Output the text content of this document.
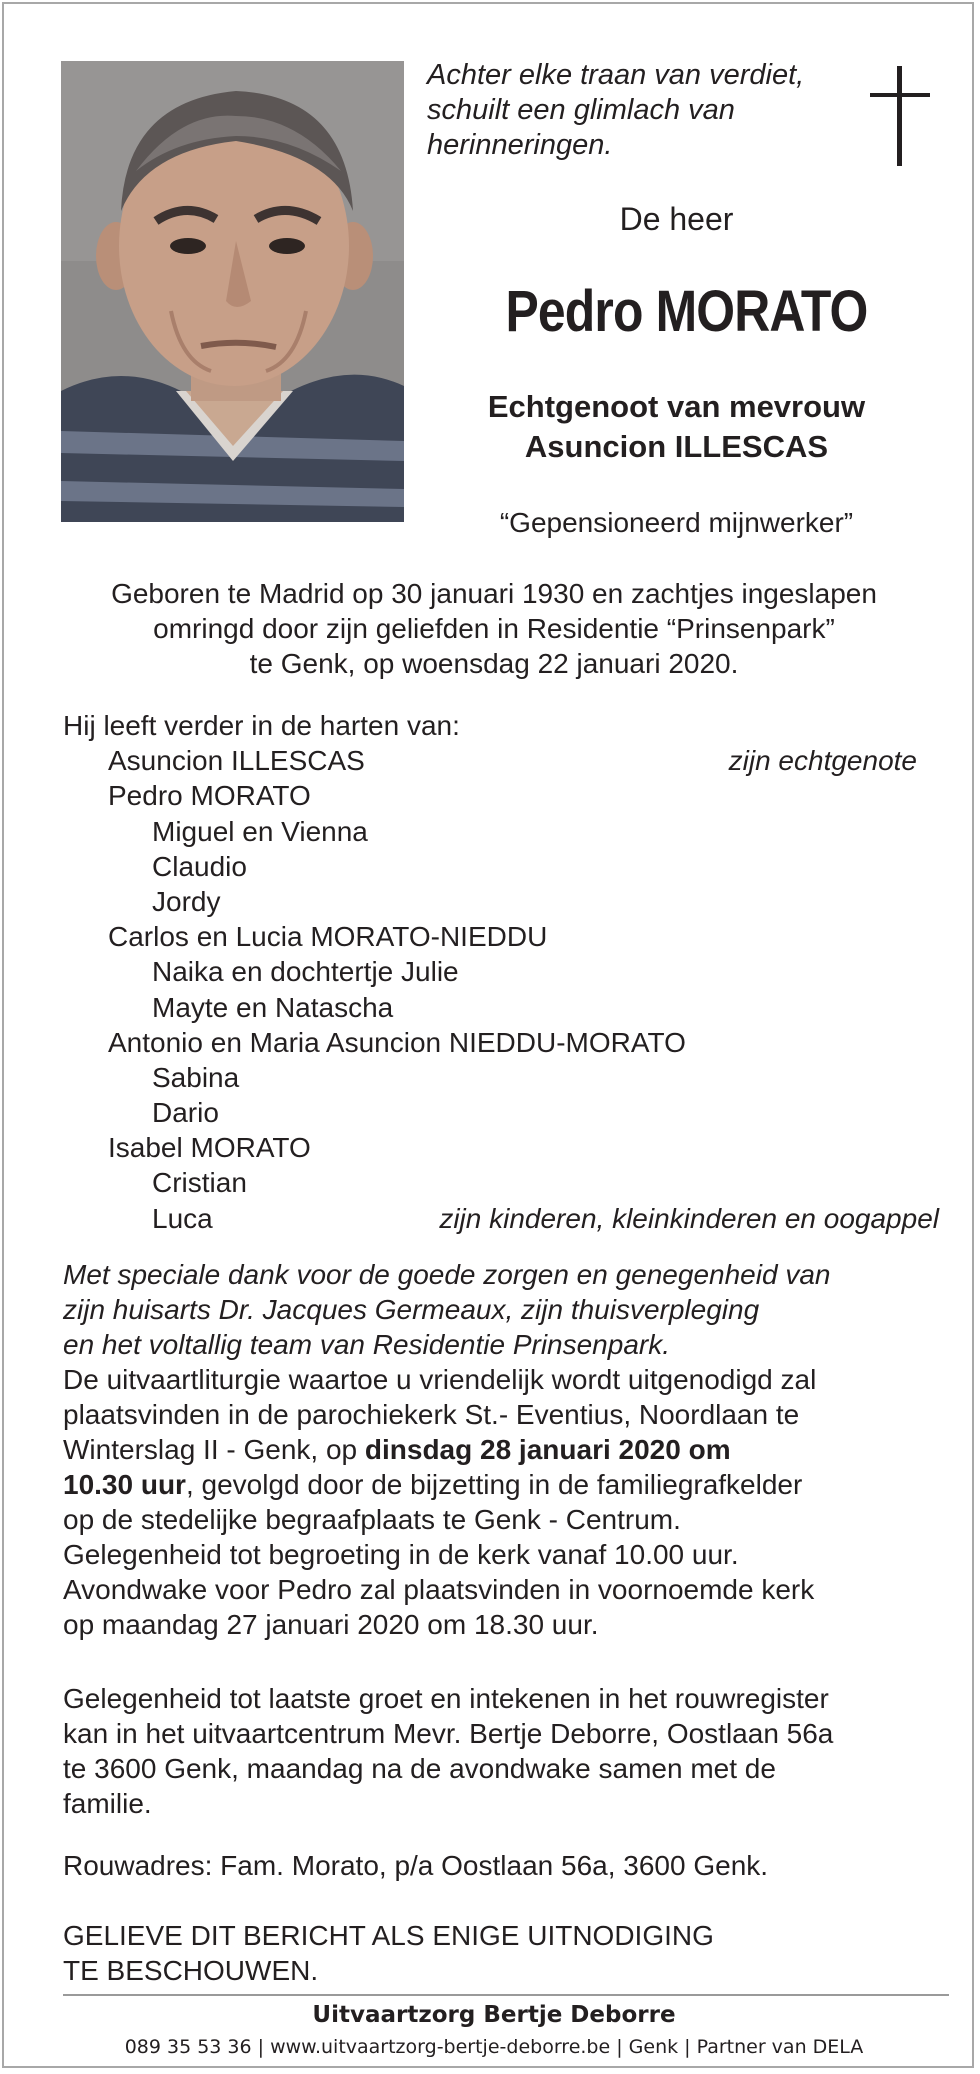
Achter elke traan van verdiet,
schuilt een glimlach van
herinneringen.
De heer
Pedro MORATO
Echtgenoot van mevrouw
Asuncion ILLESCAS
“Gepensioneerd mijnwerker”
Geboren te Madrid op 30 januari 1930 en zachtjes ingeslapen
omringd door zijn geliefden in Residentie “Prinsenpark”
te Genk, op woensdag 22 januari 2020.
Hij leeft verder in de harten van:
Asuncion ILLESCAS	zijn echtgenote
Pedro MORATO
Miguel en Vienna
Claudio
Jordy
Carlos en Lucia MORATO-NIEDDU
Naika en dochtertje Julie
Mayte en Natascha
Antonio en Maria Asuncion NIEDDU-MORATO
Sabina
Dario
Isabel MORATO
Cristian
Luca	zijn kinderen, kleinkinderen en oogappel
Met speciale dank voor de goede zorgen en genegenheid van
zijn huisarts Dr. Jacques Germeaux, zijn thuisverpleging
en het voltallig team van Residentie Prinsenpark.
De uitvaartliturgie waartoe u vriendelijk wordt uitgenodigd zal
plaatsvinden in de parochiekerk St.- Eventius, Noordlaan te
Winterslag II - Genk, op dinsdag 28 januari 2020 om
10.30 uur, gevolgd door de bijzetting in de familiegrafkelder
op de stedelijke begraafplaats te Genk - Centrum.
Gelegenheid tot begroeting in de kerk vanaf 10.00 uur.
Avondwake voor Pedro zal plaatsvinden in voornoemde kerk
op maandag 27 januari 2020 om 18.30 uur.
Gelegenheid tot laatste groet en intekenen in het rouwregister
kan in het uitvaartcentrum Mevr. Bertje Deborre, Oostlaan 56a
te 3600 Genk, maandag na de avondwake samen met de
familie.
Rouwadres: Fam. Morato, p/a Oostlaan 56a, 3600 Genk.
GELIEVE DIT BERICHT ALS ENIGE UITNODIGING
TE BESCHOUWEN.
Uitvaartzorg Bertje Deborre
089 35 53 36 | www.uitvaartzorg-bertje-deborre.be | Genk | Partner van DELA
